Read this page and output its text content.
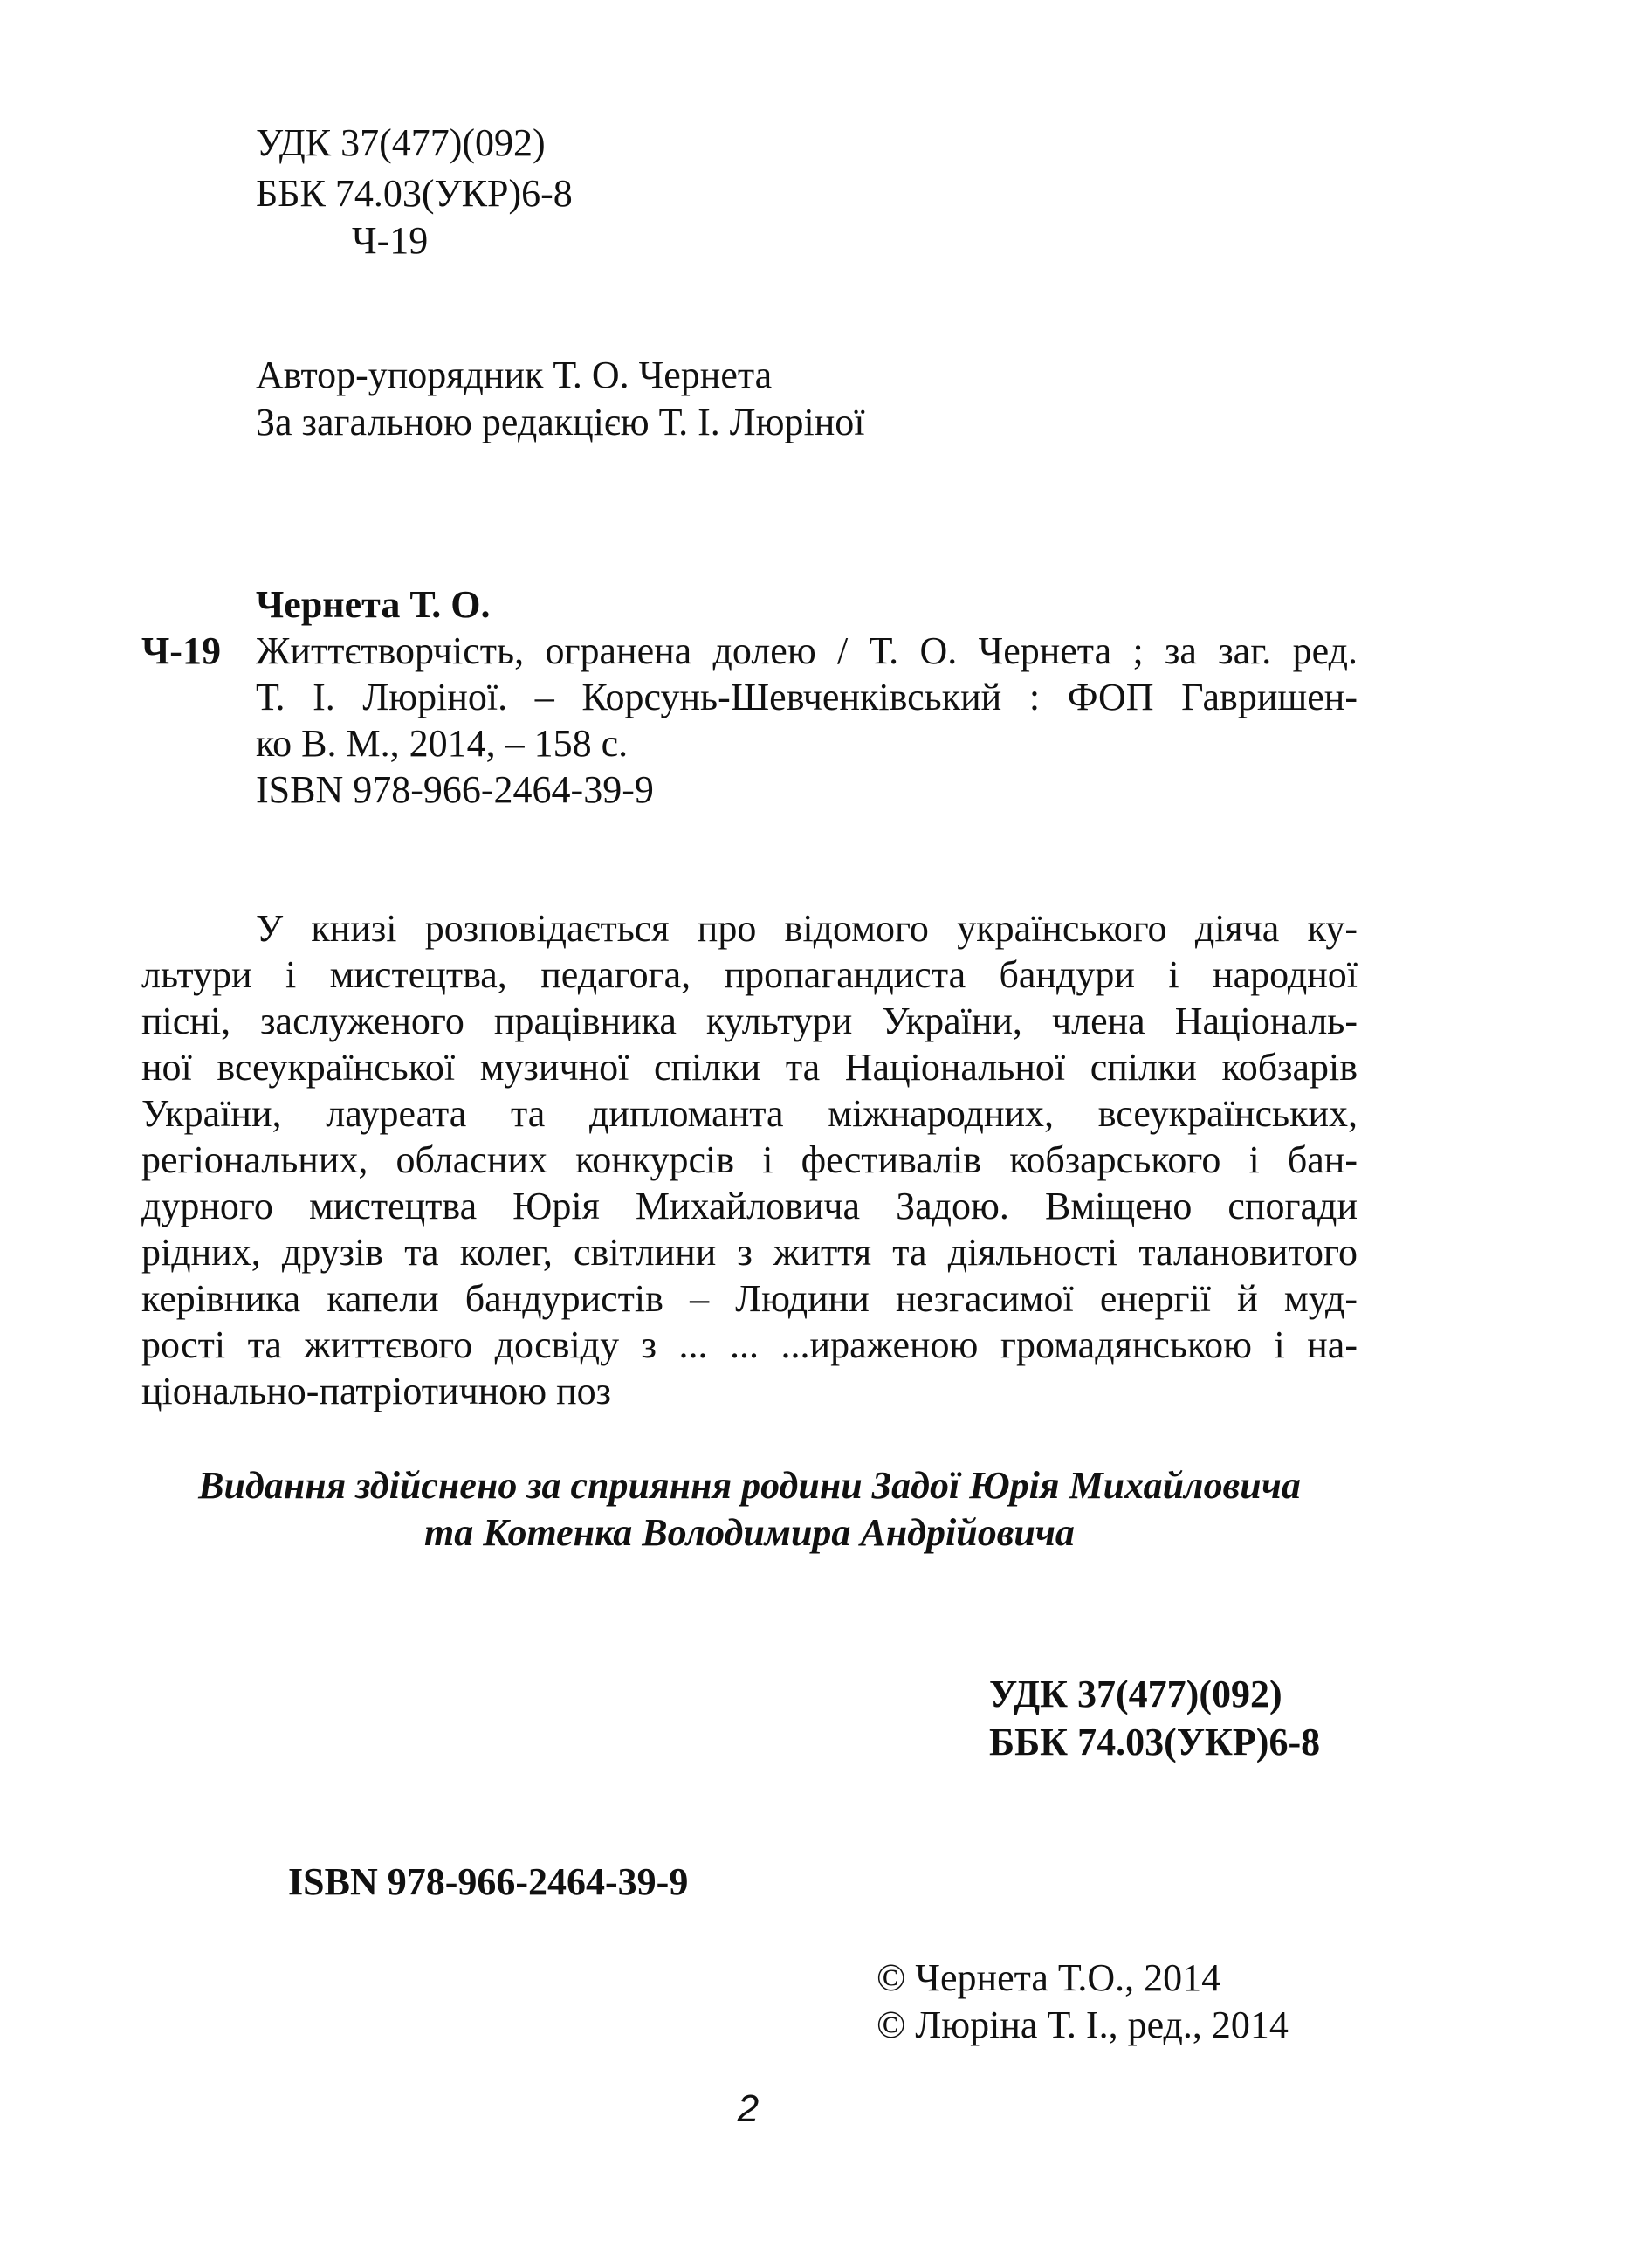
УДК 37(477)(092)
ББК 74.03(УКР)6-8
Ч-19
Автор-упорядник Т. О. Чернета
За загальною редакцією Т. І. Люріної
Чернета Т. О.
Ч-19 Життєтворчість, огранена долею / Т. О. Чернета ; за заг. ред.
Т. І. Люріної. – Корсунь-Шевченківський : ФОП Гавришен-
ко В. М., 2014, – 158 с.
ISBN 978-966-2464-39-9
У книзі розповідається про відомого українського діяча ку-
льтури і мистецтва, педагога, пропагандиста бандури і народної
пісні, заслуженого працівника культури України, члена Національ-
ної всеукраїнської музичної спілки та Національної спілки кобзарів
України, лауреата та дипломанта міжнародних, всеукраїнських,
регіональних, обласних конкурсів і фестивалів кобзарського і бан-
дурного мистецтва Юрія Михайловича Задою. Вміщено спогади
рідних, друзів та колег, світлини з життя та діяльності талановитого
керівника капели бандуристів – Людини незгасимої енергії й муд-
рості та життєвого досвіду з ... ... ...ираженою громадянською і на-
ціонально-патріотичною поз
Видання здійснено за сприяння родини Задої Юрія Михайловича
та Котенка Володимира Андрійовича
УДК 37(477)(092)
ББК 74.03(УКР)6-8
ISBN 978-966-2464-39-9
© Чернета Т.О., 2014
© Люріна Т. І., ред., 2014
2
